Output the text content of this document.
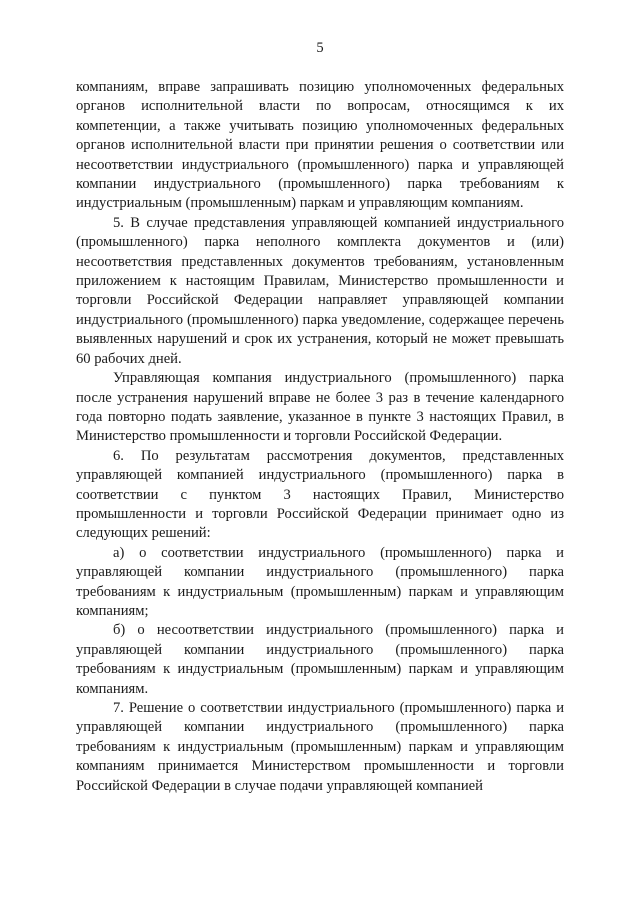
5

компаниям, вправе запрашивать позицию уполномоченных федеральных органов исполнительной власти по вопросам, относящимся к их компетенции, а также учитывать позицию уполномоченных федеральных органов исполнительной власти при принятии решения о соответствии или несоответствии индустриального (промышленного) парка и управляющей компании индустриального (промышленного) парка требованиям к индустриальным (промышленным) паркам и управляющим компаниям.

5. В случае представления управляющей компанией индустриального (промышленного) парка неполного комплекта документов и (или) несоответствия представленных документов требованиям, установленным приложением к настоящим Правилам, Министерство промышленности и торговли Российской Федерации направляет управляющей компании индустриального (промышленного) парка уведомление, содержащее перечень выявленных нарушений и срок их устранения, который не может превышать 60 рабочих дней.

Управляющая компания индустриального (промышленного) парка после устранения нарушений вправе не более 3 раз в течение календарного года повторно подать заявление, указанное в пункте 3 настоящих Правил, в Министерство промышленности и торговли Российской Федерации.

6. По результатам рассмотрения документов, представленных управляющей компанией индустриального (промышленного) парка в соответствии с пунктом 3 настоящих Правил, Министерство промышленности и торговли Российской Федерации принимает одно из следующих решений:

а) о соответствии индустриального (промышленного) парка и управляющей компании индустриального (промышленного) парка требованиям к индустриальным (промышленным) паркам и управляющим компаниям;

б) о несоответствии индустриального (промышленного) парка и управляющей компании индустриального (промышленного) парка требованиям к индустриальным (промышленным) паркам и управляющим компаниям.

7. Решение о соответствии индустриального (промышленного) парка и управляющей компании индустриального (промышленного) парка требованиям к индустриальным (промышленным) паркам и управляющим компаниям принимается Министерством промышленности и торговли Российской Федерации в случае подачи управляющей компанией
